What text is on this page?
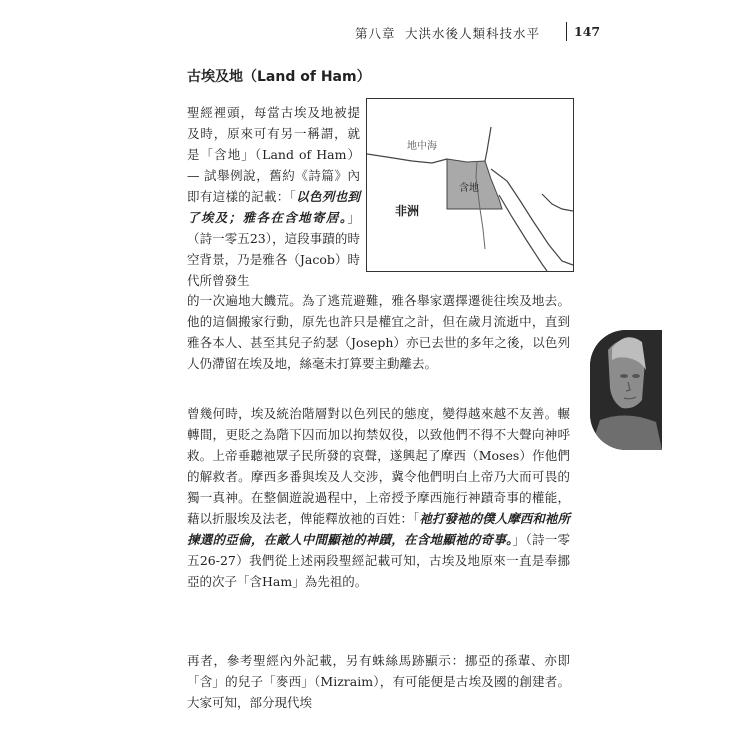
第八章 大洪水後人類科技水平	147
古埃及地（Land of Ham）
聖經裡頭，每當古埃及地被提及時，原來可有另一稱謂，就是「含地」（Land of Ham）— 試舉例說，舊約《詩篇》內即有這樣的記載：「以色列也到了埃及；雅各在含地寄居。」（詩一零五23），這段事蹟的時空背景，乃是雅各（Jacob）時代所曾發生
地中海
含地
非洲
的一次遍地大饑荒。為了逃荒避難，雅各舉家選擇遷徙往埃及地去。他的這個搬家行動，原先也許只是權宜之計，但在歲月流逝中，直到雅各本人、甚至其兒子約瑟（Joseph）亦已去世的多年之後，以色列人仍滯留在埃及地，絲毫未打算要主動離去。
曾幾何時，埃及統治階層對以色列民的態度，變得越來越不友善。輾轉間，更貶之為階下囚而加以拘禁奴役，以致他們不得不大聲向神呼救。上帝垂聽祂眾子民所發的哀聲，遂興起了摩西（Moses）作他們的解救者。摩西多番與埃及人交涉，冀令他們明白上帝乃大而可畏的獨一真神。在整個遊說過程中，上帝授予摩西施行神蹟奇事的權能，藉以折服埃及法老，俾能釋放祂的百姓：「祂打發祂的僕人摩西和祂所揀選的亞倫，在敵人中間顯祂的神蹟，在含地顯祂的奇事。」（詩一零五26-27）我們從上述兩段聖經記載可知，古埃及地原來一直是奉挪亞的次子「含Ham」為先祖的。
再者，參考聖經內外記載，另有蛛絲馬跡顯示：挪亞的孫輩、亦即「含」的兒子「麥西」（Mizraim），有可能便是古埃及國的創建者。大家可知，部分現代埃
